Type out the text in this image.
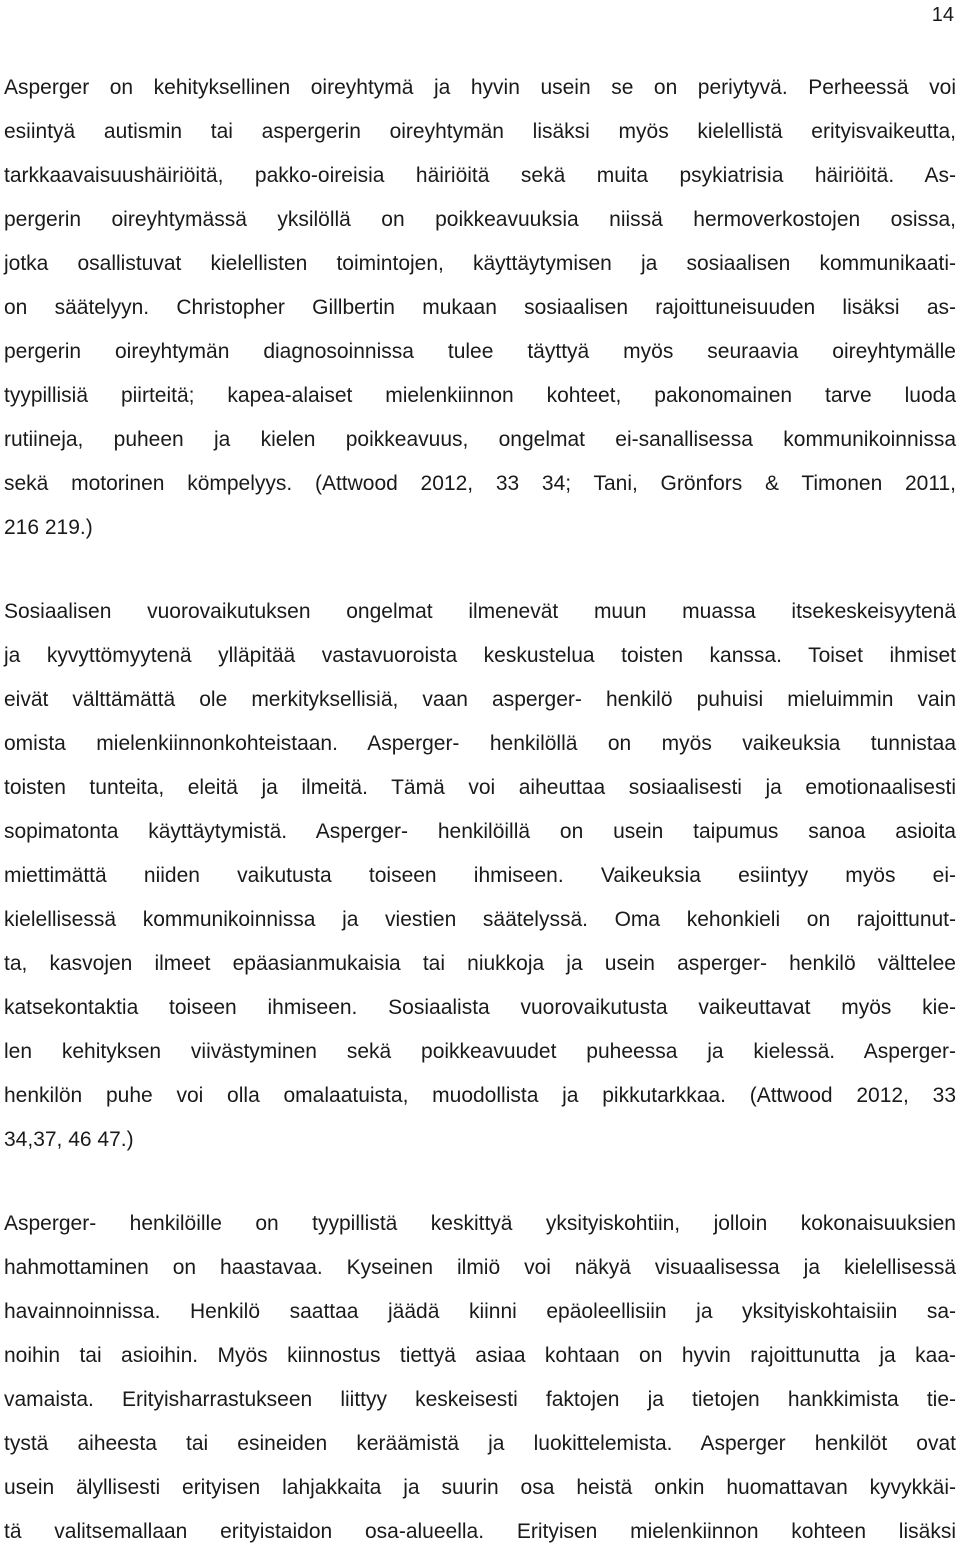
14
Asperger on kehityksellinen oireyhtymä ja hyvin usein se on periytyvä. Perheessä voi
esiintyä autismin tai aspergerin oireyhtymän lisäksi myös kielellistä erityisvaikeutta,
tarkkaavaisuushäiriöitä, pakko-oireisia häiriöitä sekä muita psykiatrisia häiriöitä. As-
pergerin oireyhtymässä yksilöllä on poikkeavuuksia niissä hermoverkostojen osissa,
jotka osallistuvat kielellisten toimintojen, käyttäytymisen ja sosiaalisen kommunikaati-
on säätelyyn. Christopher Gillbertin mukaan sosiaalisen rajoittuneisuuden lisäksi as-
pergerin oireyhtymän diagnosoinnissa tulee täyttyä myös seuraavia oireyhtymälle
tyypillisiä piirteitä; kapea-alaiset mielenkiinnon kohteet, pakonomainen tarve luoda
rutiineja, puheen ja kielen poikkeavuus, ongelmat ei-sanallisessa kommunikoinnissa
sekä motorinen kömpelyys. (Attwood 2012, 33 34; Tani, Grönfors & Timonen 2011,
216 219.)
Sosiaalisen vuorovaikutuksen ongelmat ilmenevät muun muassa itsekeskeisyytenä
ja kyvyttömyytenä ylläpitää vastavuoroista keskustelua toisten kanssa. Toiset ihmiset
eivät välttämättä ole merkityksellisiä, vaan asperger- henkilö puhuisi mieluimmin vain
omista mielenkiinnonkohteistaan. Asperger- henkilöllä on myös vaikeuksia tunnistaa
toisten tunteita, eleitä ja ilmeitä. Tämä voi aiheuttaa sosiaalisesti ja emotionaalisesti
sopimatonta käyttäytymistä. Asperger- henkilöillä on usein taipumus sanoa asioita
miettimättä niiden vaikutusta toiseen ihmiseen. Vaikeuksia esiintyy myös ei-
kielellisessä kommunikoinnissa ja viestien säätelyssä. Oma kehonkieli on rajoittunut-
ta, kasvojen ilmeet epäasianmukaisia tai niukkoja ja usein asperger- henkilö välttelee
katsekontaktia toiseen ihmiseen. Sosiaalista vuorovaikutusta vaikeuttavat myös kie-
len kehityksen viivästyminen sekä poikkeavuudet puheessa ja kielessä. Asperger-
henkilön puhe voi olla omalaatuista, muodollista ja pikkutarkkaa. (Attwood 2012, 33
34,37, 46 47.)
Asperger- henkilöille on tyypillistä keskittyä yksityiskohtiin, jolloin kokonaisuuksien
hahmottaminen on haastavaa. Kyseinen ilmiö voi näkyä visuaalisessa ja kielellisessä
havainnoinnissa. Henkilö saattaa jäädä kiinni epäoleellisiin ja yksityiskohtaisiin sa-
noihin tai asioihin. Myös kiinnostus tiettyä asiaa kohtaan on hyvin rajoittunutta ja kaa-
vamaista. Erityisharrastukseen liittyy keskeisesti faktojen ja tietojen hankkimista tie-
tystä aiheesta tai esineiden keräämistä ja luokittelemista. Asperger henkilöt ovat
usein älyllisesti erityisen lahjakkaita ja suurin osa heistä onkin huomattavan kyvykkäi-
tä valitsemallaan erityistaidon osa-alueella. Erityisen mielenkiinnon kohteen lisäksi
